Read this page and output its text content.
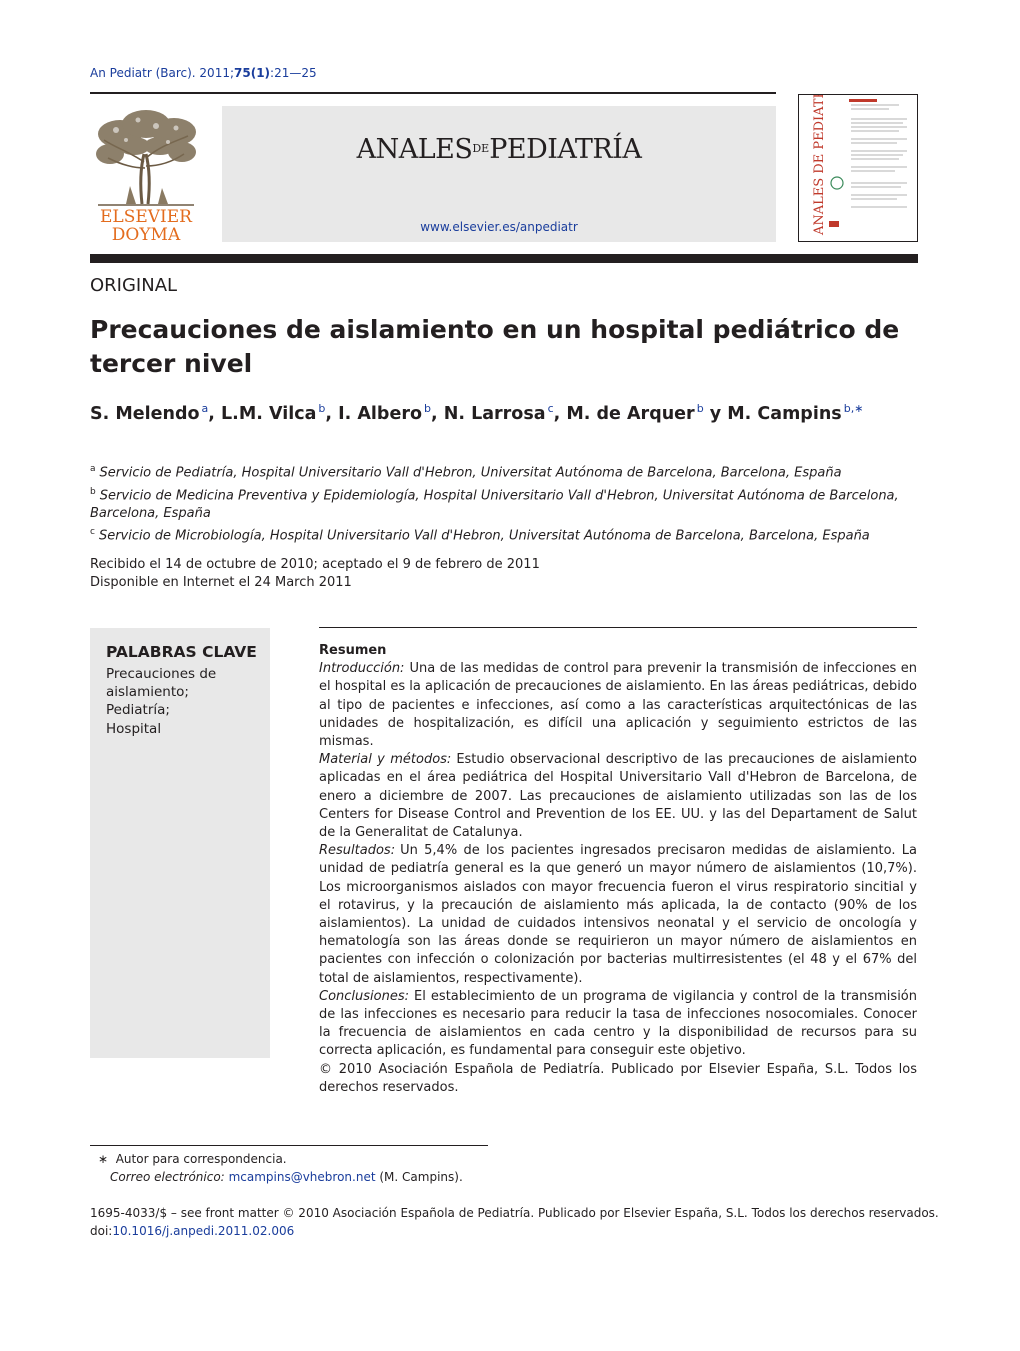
An Pediatr (Barc). 2011;75(1):21—25
ELSEVIER
DOYMA
$ANALES^{DE}PEDIATRÍA$
www.elsevier.es/anpediatr	ANALES DE PEDIATRÍA
ORIGINAL
Precauciones de aislamiento en un hospital pediátrico de tercer nivel
S. Melendo $^a$, L.M. Vilca $^b$, I. Albero $^b$, N. Larrosa $^c$, M. de Arquer $^b$ y M. Campins $^{b,∗}$
$^a$ Servicio de Pediatría, Hospital Universitario Vall d'Hebron, Universitat Autónoma de Barcelona, Barcelona, España
$^b$ Servicio de Medicina Preventiva y Epidemiología, Hospital Universitario Vall d'Hebron, Universitat Autónoma de Barcelona, Barcelona, España
$^c$ Servicio de Microbiología, Hospital Universitario Vall d'Hebron, Universitat Autónoma de Barcelona, Barcelona, España
Recibido el 14 de octubre de 2010; aceptado el 9 de febrero de 2011
Disponible en Internet el 24 March 2011
PALABRAS CLAVE
Precauciones de aislamiento;
Pediatría;
Hospital
Resumen

Introducción: Una de las medidas de control para prevenir la transmisión de infecciones en el hospital es la aplicación de precauciones de aislamiento. En las áreas pediátricas, debido al tipo de pacientes e infecciones, así como a las características arquitectónicas de las unidades de hospitalización, es difícil una aplicación y seguimiento estrictos de las mismas.

Material y métodos: Estudio observacional descriptivo de las precauciones de aislamiento aplicadas en el área pediátrica del Hospital Universitario Vall d'Hebron de Barcelona, de enero a diciembre de 2007. Las precauciones de aislamiento utilizadas son las de los Centers for Disease Control and Prevention de los EE. UU. y las del Departament de Salut de la Generalitat de Catalunya.

Resultados: Un 5,4% de los pacientes ingresados precisaron medidas de aislamiento. La unidad de pediatría general es la que generó un mayor número de aislamientos (10,7%). Los microorganismos aislados con mayor frecuencia fueron el virus respiratorio sincitial y el rotavirus, y la precaución de aislamiento más aplicada, la de contacto (90% de los aislamientos). La unidad de cuidados intensivos neonatal y el servicio de oncología y hematología son las áreas donde se requirieron un mayor número de aislamientos en pacientes con infección o colonización por bacterias multirresistentes (el 48 y el 67% del total de aislamientos, respectivamente).

Conclusiones: El establecimiento de un programa de vigilancia y control de la transmisión de las infecciones es necesario para reducir la tasa de infecciones nosocomiales. Conocer la frecuencia de aislamientos en cada centro y la disponibilidad de recursos para su correcta aplicación, es fundamental para conseguir este objetivo.

© 2010 Asociación Española de Pediatría. Publicado por Elsevier España, S.L. Todos los derechos reservados.

∗ Autor para correspondencia.
Correo electrónico: mcampins@vhebron.net (M. Campins).
1695-4033/$ – see front matter © 2010 Asociación Española de Pediatría. Publicado por Elsevier España, S.L. Todos los derechos reservados.
doi:10.1016/j.anpedi.2011.02.006
